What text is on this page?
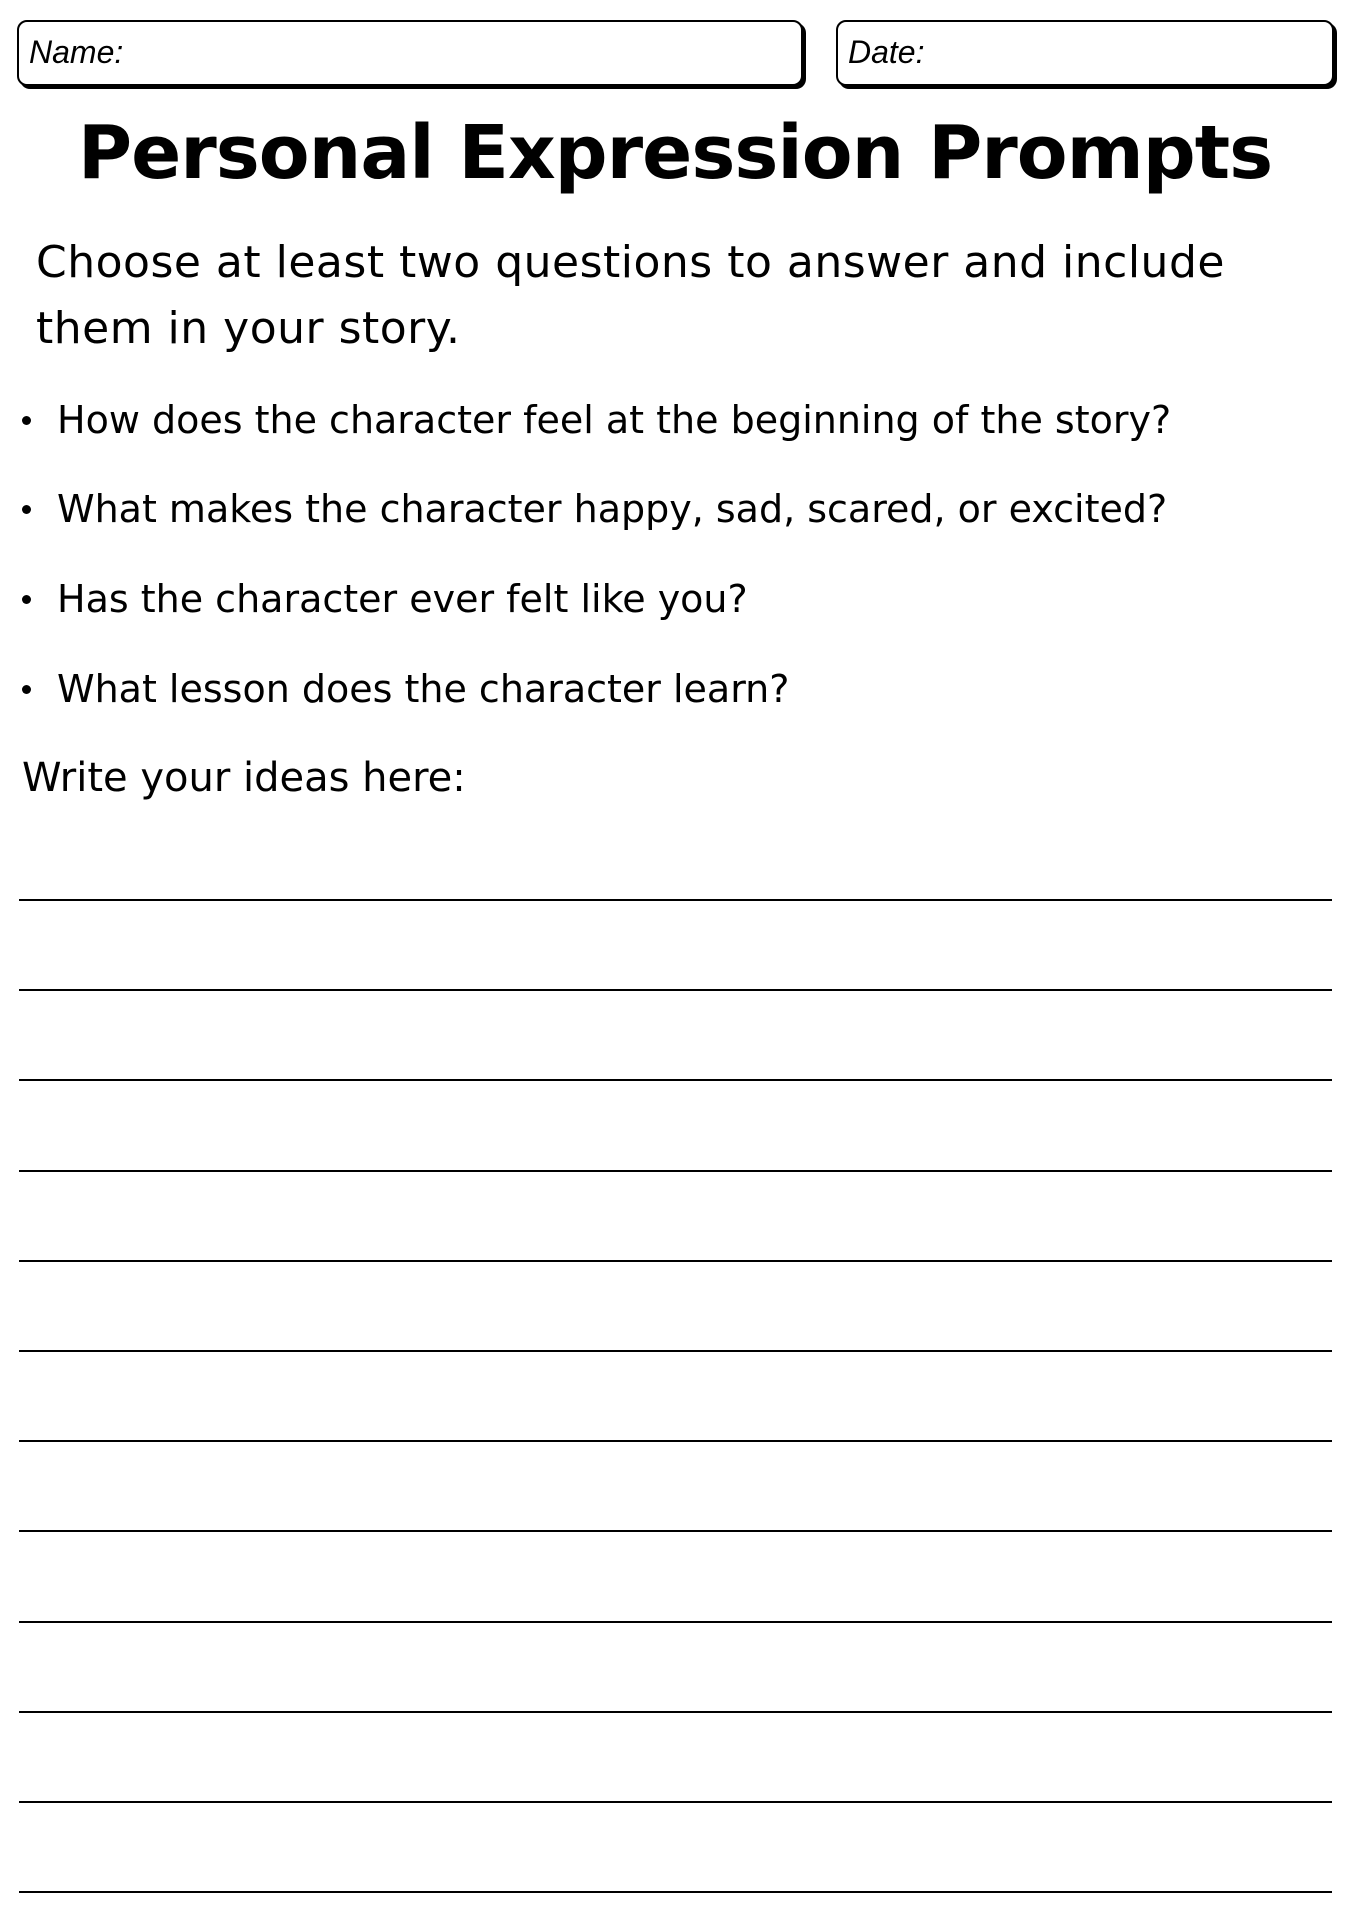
Name:	Date:
Personal Expression Prompts
Choose at least two questions to answer and include them in your story.
How does the character feel at the beginning of the story?
What makes the character happy, sad, scared, or excited?
Has the character ever felt like you?
What lesson does the character learn?
Write your ideas here:
